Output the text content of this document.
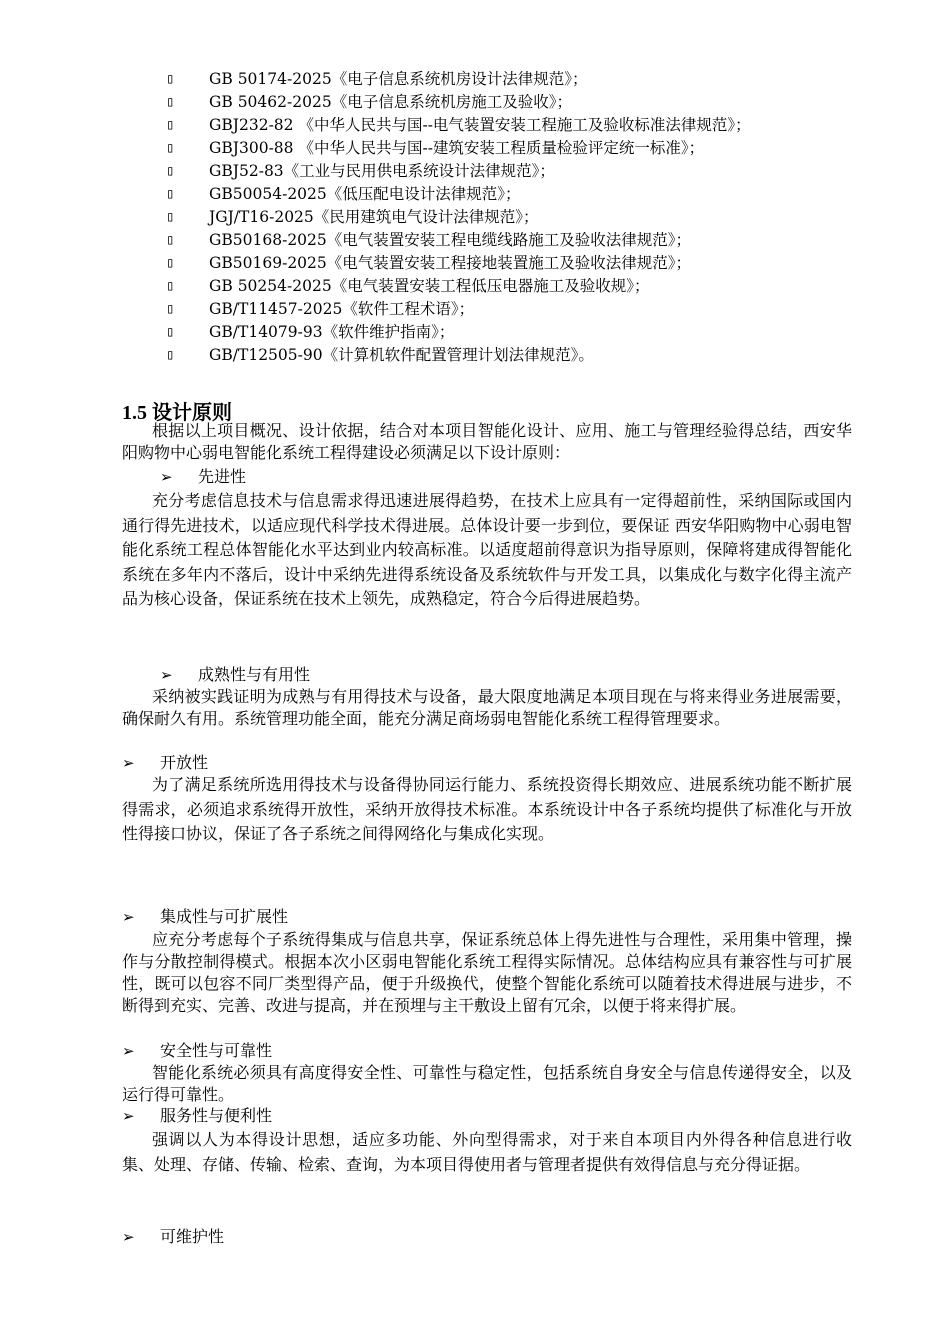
▯ GB 50174-2025《电子信息系统机房设计法律规范》；
▯ GB 50462-2025《电子信息系统机房施工及验收》；
▯ GBJ232-82 《中华人民共与国--电气装置安装工程施工及验收标准法律规范》；
▯ GBJ300-88 《中华人民共与国--建筑安装工程质量检验评定统一标准》；
▯ GBJ52-83《工业与民用供电系统设计法律规范》；
▯ GB50054-2025《低压配电设计法律规范》；
▯ JGJ/T16-2025《民用建筑电气设计法律规范》；
▯ GB50168-2025《电气装置安装工程电缆线路施工及验收法律规范》；
▯ GB50169-2025《电气装置安装工程接地装置施工及验收法律规范》；
▯ GB 50254-2025《电气装置安装工程低压电器施工及验收规》；
▯ GB/T11457-2025《软件工程术语》；
▯ GB/T14079-93《软件维护指南》；
▯ GB/T12505-90《计算机软件配置管理计划法律规范》。
1.5 设计原则

根据以上项目概况、设计依据，结合对本项目智能化设计、应用、施工与管理经验得总结，西安华阳购物中心弱电智能化系统工程得建设必须满足以下设计原则：

➢ 先进性

充分考虑信息技术与信息需求得迅速进展得趋势，在技术上应具有一定得超前性，采纳国际或国内通行得先进技术，以适应现代科学技术得进展。总体设计要一步到位，要保证 西安华阳购物中心弱电智能化系统工程总体智能化水平达到业内较高标准。以适度超前得意识为指导原则，保障将建成得智能化系统在多年内不落后，设计中采纳先进得系统设备及系统软件与开发工具，以集成化与数字化得主流产品为核心设备，保证系统在技术上领先，成熟稳定，符合今后得进展趋势。

➢ 成熟性与有用性

采纳被实践证明为成熟与有用得技术与设备，最大限度地满足本项目现在与将来得业务进展需要，确保耐久有用。系统管理功能全面，能充分满足商场弱电智能化系统工程得管理要求。

➢ 开放性

为了满足系统所选用得技术与设备得协同运行能力、系统投资得长期效应、进展系统功能不断扩展得需求，必须追求系统得开放性，采纳开放得技术标准。本系统设计中各子系统均提供了标准化与开放性得接口协议，保证了各子系统之间得网络化与集成化实现。

➢ 集成性与可扩展性

应充分考虑每个子系统得集成与信息共享，保证系统总体上得先进性与合理性，采用集中管理，操作与分散控制得模式。根据本次小区弱电智能化系统工程得实际情况。总体结构应具有兼容性与可扩展性，既可以包容不同厂类型得产品，便于升级换代，使整个智能化系统可以随着技术得进展与进步，不断得到充实、完善、改进与提高，并在预埋与主干敷设上留有冗余，以便于将来得扩展。

➢ 安全性与可靠性

智能化系统必须具有高度得安全性、可靠性与稳定性，包括系统自身安全与信息传递得安全，以及运行得可靠性。

➢ 服务性与便利性

强调以人为本得设计思想，适应多功能、外向型得需求，对于来自本项目内外得各种信息进行收集、处理、存储、传输、检索、查询，为本项目得使用者与管理者提供有效得信息与充分得证据。

➢ 可维护性
